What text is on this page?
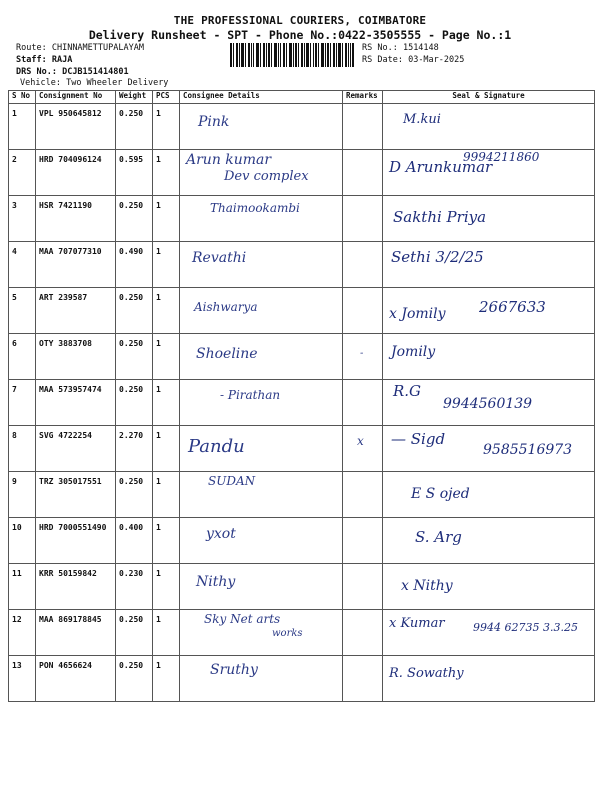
THE PROFESSIONAL COURIERS, COIMBATORE
Delivery Runsheet - SPT - Phone No.:0422-3505555 - Page No.:1
Route: CHINNAMETTUPALAYAM
Staff: RAJA
DRS No.: DCJB151414801
Vehicle: Two Wheeler Delivery
RS No.: 1514148
RS Date: 03-Mar-2025
S No	Consignment No	Weight	PCS	Consignee Details	Remarks	Seal & Signature
1	VPL 950645812	0.250	1	Pink		M.kui

2	HRD 704096124	0.595	1	Arun kumar
Dev complex		D Arunkumar
9994211860

3	HSR 7421190	0.250	1	Thaimookambi		Sakthi Priya

4	MAA 707077310	0.490	1	Revathi		Sethi 3/2/25

5	ART 239587	0.250	1	Aishwarya		x Jomily 2667633

6	OTY 3883708	0.250	1	Shoeline	-	Jomily

7	MAA 573957474	0.250	1	- Pirathan		R.G
9944560139

8	SVG 4722254	2.270	1	Pandu	x	— Sigd
9585516973

9	TRZ 305017551	0.250	1	SUDAN		E S ojed

10	HRD 7000551490	0.400	1	yxot		S. Arg

11	KRR 50159842	0.230	1	Nithy		x Nithy

12	MAA 869178845	0.250	1	Sky Net arts
works		x Kumar 9944 62735 3.3.25

13	PON 4656624	0.250	1	Sruthy		R. Sowathy
